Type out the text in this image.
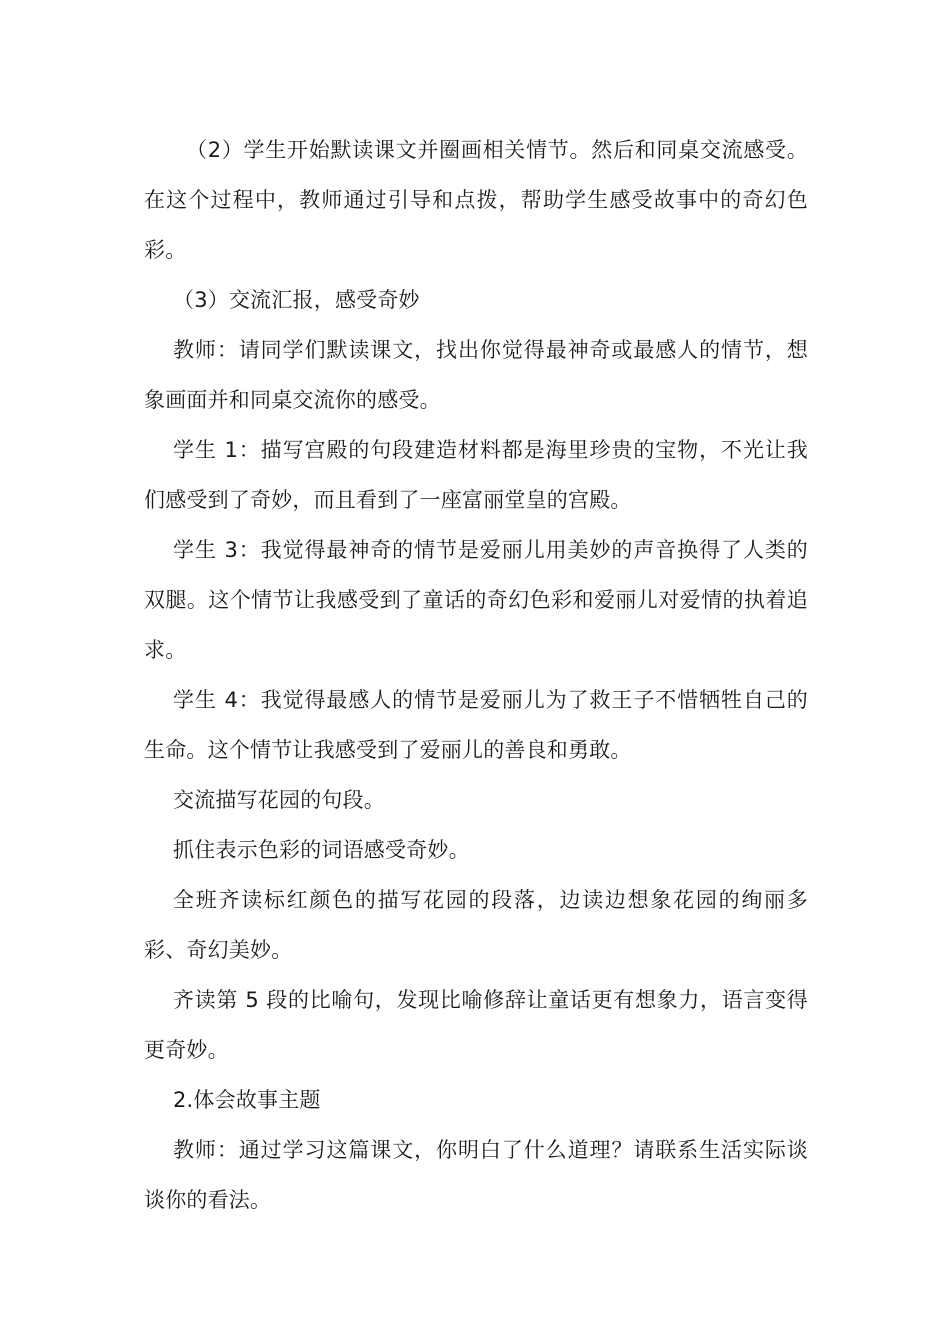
（2）学生开始默读课文并圈画相关情节。然后和同桌交流感受。在这个过程中，教师通过引导和点拨，帮助学生感受故事中的奇幻色彩。

（3）交流汇报，感受奇妙

教师：请同学们默读课文，找出你觉得最神奇或最感人的情节，想象画面并和同桌交流你的感受。

学生 1：描写宫殿的句段建造材料都是海里珍贵的宝物，不光让我们感受到了奇妙，而且看到了一座富丽堂皇的宫殿。

学生 3：我觉得最神奇的情节是爱丽儿用美妙的声音换得了人类的双腿。这个情节让我感受到了童话的奇幻色彩和爱丽儿对爱情的执着追求。

学生 4：我觉得最感人的情节是爱丽儿为了救王子不惜牺牲自己的生命。这个情节让我感受到了爱丽儿的善良和勇敢。

交流描写花园的句段。

抓住表示色彩的词语感受奇妙。

全班齐读标红颜色的描写花园的段落，边读边想象花园的绚丽多彩、奇幻美妙。

齐读第 5 段的比喻句，发现比喻修辞让童话更有想象力，语言变得更奇妙。

2.体会故事主题

教师：通过学习这篇课文，你明白了什么道理？请联系生活实际谈谈你的看法。
